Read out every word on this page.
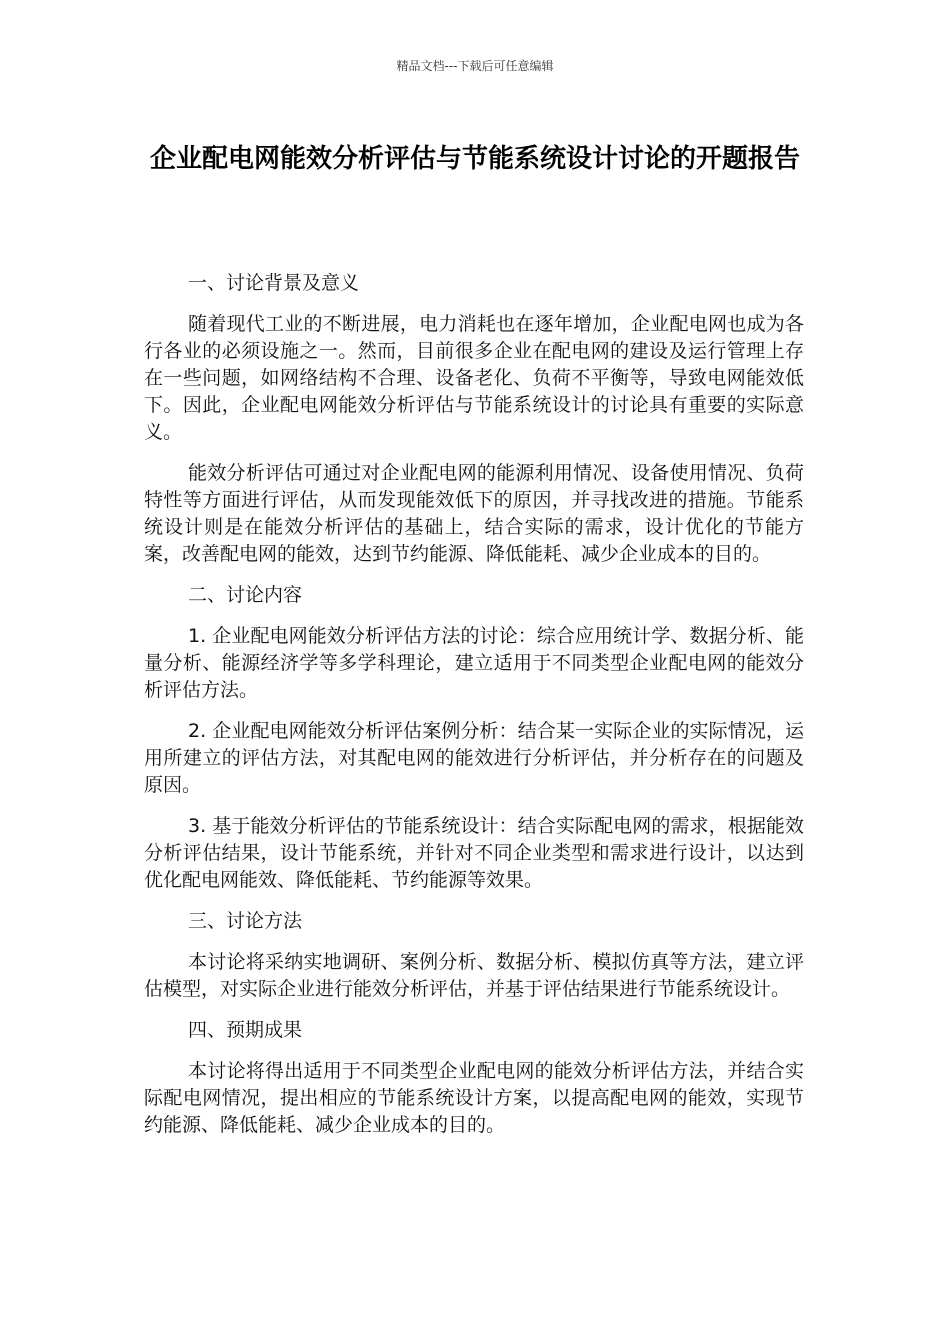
精品文档---下载后可任意编辑
企业配电网能效分析评估与节能系统设计讨论的开题报告
一、讨论背景及意义
随着现代工业的不断进展，电力消耗也在逐年增加，企业配电网也成为各行各业的必须设施之一。然而，目前很多企业在配电网的建设及运行管理上存在一些问题，如网络结构不合理、设备老化、负荷不平衡等，导致电网能效低下。因此，企业配电网能效分析评估与节能系统设计的讨论具有重要的实际意义。
能效分析评估可通过对企业配电网的能源利用情况、设备使用情况、负荷特性等方面进行评估，从而发现能效低下的原因，并寻找改进的措施。节能系统设计则是在能效分析评估的基础上，结合实际的需求，设计优化的节能方案，改善配电网的能效，达到节约能源、降低能耗、减少企业成本的目的。
二、讨论内容
1. 企业配电网能效分析评估方法的讨论：综合应用统计学、数据分析、能量分析、能源经济学等多学科理论，建立适用于不同类型企业配电网的能效分析评估方法。
2. 企业配电网能效分析评估案例分析：结合某一实际企业的实际情况，运用所建立的评估方法，对其配电网的能效进行分析评估，并分析存在的问题及原因。
3. 基于能效分析评估的节能系统设计：结合实际配电网的需求，根据能效分析评估结果，设计节能系统，并针对不同企业类型和需求进行设计，以达到优化配电网能效、降低能耗、节约能源等效果。
三、讨论方法
本讨论将采纳实地调研、案例分析、数据分析、模拟仿真等方法，建立评估模型，对实际企业进行能效分析评估，并基于评估结果进行节能系统设计。
四、预期成果
本讨论将得出适用于不同类型企业配电网的能效分析评估方法，并结合实际配电网情况，提出相应的节能系统设计方案，以提高配电网的能效，实现节约能源、降低能耗、减少企业成本的目的。
